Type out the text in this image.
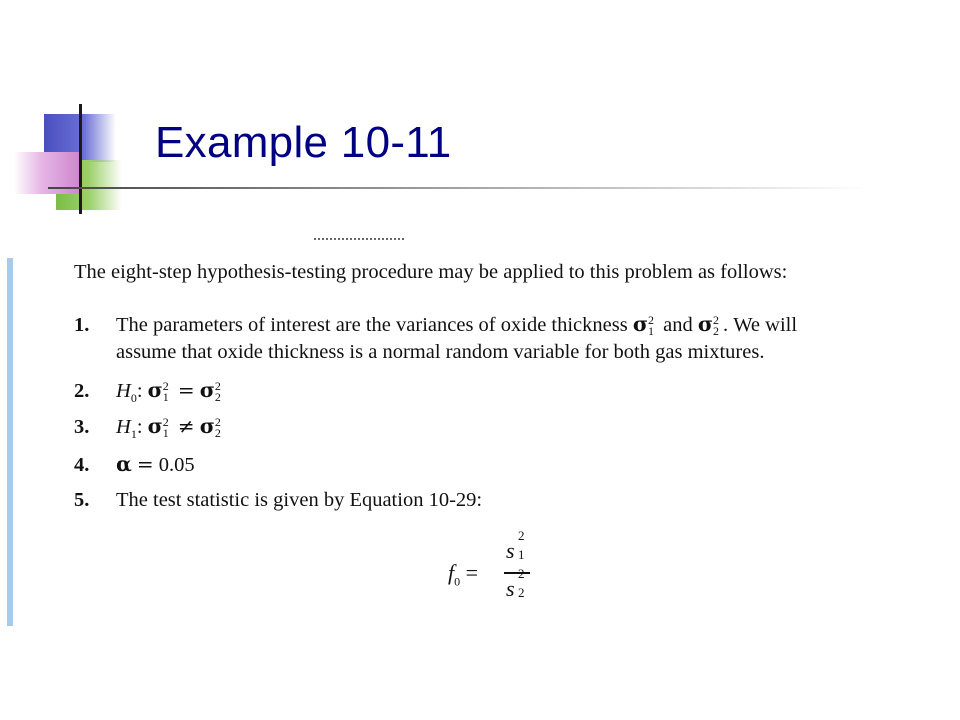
Example 10-11
The eight-step hypothesis-testing procedure may be applied to this problem as follows:
1. The parameters of interest are the variances of oxide thickness σ 2
1 and σ 2
2 . We will
assume that oxide thickness is a normal random variable for both gas mixtures.
2. $H_0$: σ 2
1 = σ 2
2
3. $H_1$: σ 2
1 ≠ σ 2
2
4. α = 0.05
5. The test statistic is given by Equation 10-29:
$f_0$ =
s
2
1
s
2
2
